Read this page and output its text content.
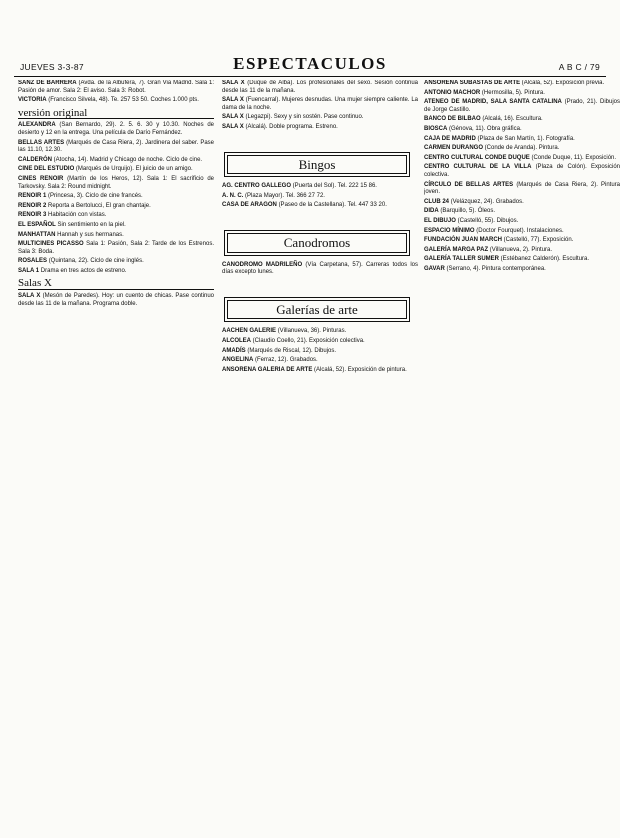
JUEVES 3-3-87	ESPECTACULOS	A B C / 79
SANZ DE BARRERA (Avda. de la Albufera, 7). Gran Via Madrid. Sala 1: Pasión de amor. Sala 2: El aviso. Sala 3: Robot.
VICTORIA (Francisco Silvela, 48). Te. 257 53 50. Coches 1.000 pts.
versión original
ALEXANDRA (San Bernardo, 29). 2. 5. 6. 30 y 10.30. Noches de desierto y 12 en la entrega. Una película de Darío Fernández.
BELLAS ARTES (Marqués de Casa Riera, 2). Jardinera del saber. Pase las 11.10, 12.30.
CALDERÓN (Atocha, 14). Madrid y Chicago de noche. Ciclo de cine.
CINE DEL ESTUDIO (Marqués de Urquijo). El juicio de un amigo.
CINES RENOIR (Martín de los Heros, 12). Sala 1: El sacrificio de Tarkovsky. Sala 2: Round midnight.
RENOIR 1 (Princesa, 3). Ciclo de cine francés.
RENOIR 2 Reporta a Bertolucci, El gran chantaje.
RENOIR 3 Habitación con vistas.
EL ESPAÑOL Sin sentimiento en la piel.
MANHATTAN Hannah y sus hermanas.
MULTICINES PICASSO Sala 1: Pasión, Sala 2: Tarde de los Estrenos. Sala 3: Boda.
ROSALES (Quintana, 22). Ciclo de cine inglés.
SALA 1 Drama en tres actos de estreno.
Salas X
SALA X (Mesón de Paredes). Hoy: un cuento de chicas. Pase continuo desde las 11 de la mañana. Programa doble.
SALA X (Duque de Alba). Los profesionales del sexo. Sesión continua desde las 11 de la mañana.
SALA X (Fuencarral). Mujeres desnudas. Una mujer siempre caliente. La dama de la noche.
SALA X (Legazpi). Sexy y sin sostén. Pase continuo.
SALA X (Alcalá). Doble programa. Estreno.
Bingos
AG. CENTRO GALLEGO (Puerta del Sol). Tel. 222 15 86.
A. N. C. (Plaza Mayor). Tel. 366 27 72.
CASA DE ARAGON (Paseo de la Castellana). Tel. 447 33 20.
Canodromos
CANODROMO MADRILEÑO (Vía Carpetana, 57). Carreras todos los días excepto lunes.
Galerías de arte
AACHEN GALERIE (Villanueva, 36). Pinturas.
ALCOLEA (Claudio Coello, 21). Exposición colectiva.
AMADÍS (Marqués de Riscal, 12). Dibujos.
ANGELINA (Ferraz, 12). Grabados.
ANSORENA GALERIA DE ARTE (Alcalá, 52). Exposición de pintura.
ANSORENA SUBASTAS DE ARTE (Alcalá, 52). Exposición previa.
ANTONIO MACHOR (Hermosilla, 5). Pintura.
ATENEO DE MADRID, SALA SANTA CATALINA (Prado, 21). Dibujos de Jorge Castillo.
BANCO DE BILBAO (Alcalá, 16). Escultura.
BIOSCA (Génova, 11). Obra gráfica.
CAJA DE MADRID (Plaza de San Martín, 1). Fotografía.
CARMEN DURANGO (Conde de Aranda). Pintura.
CENTRO CULTURAL CONDE DUQUE (Conde Duque, 11). Exposición.
CENTRO CULTURAL DE LA VILLA (Plaza de Colón). Exposición colectiva.
CÍRCULO DE BELLAS ARTES (Marqués de Casa Riera, 2). Pintura joven.
CLUB 24 (Velázquez, 24). Grabados.
DIDA (Barquillo, 5). Óleos.
EL DIBUJO (Castelló, 55). Dibujos.
ESPACIO MÍNIMO (Doctor Fourquet). Instalaciones.
FUNDACIÓN JUAN MARCH (Castelló, 77). Exposición.
GALERÍA MARGA PAZ (Villanueva, 2). Pintura.
GALERÍA TALLER SUMER (Estébanez Calderón). Escultura.
GAVAR (Serrano, 4). Pintura contemporánea.
